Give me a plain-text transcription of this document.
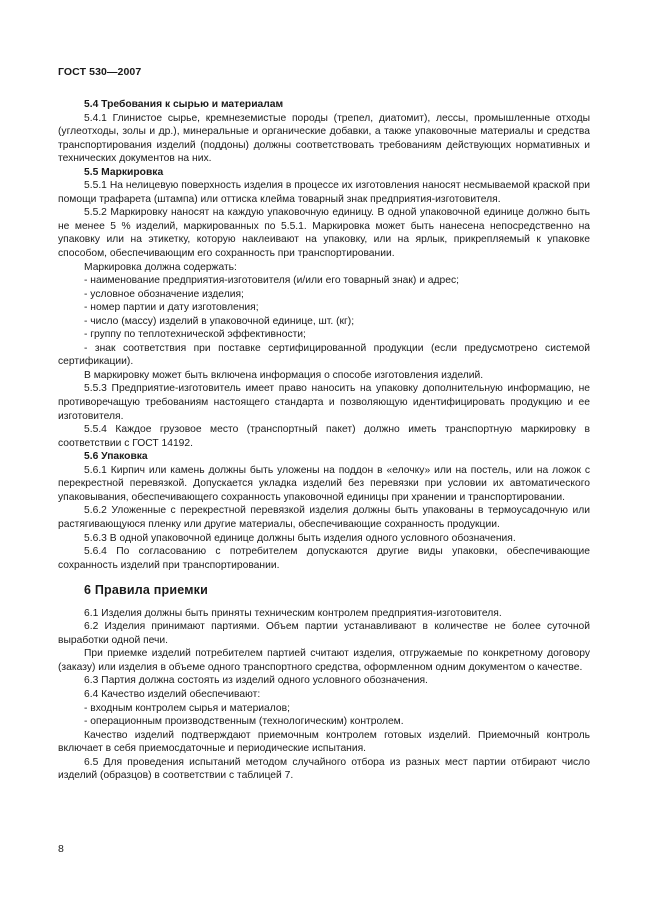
ГОСТ 530—2007

5.4 Требования к сырью и материалам

5.4.1 Глинистое сырье, кремнеземистые породы (трепел, диатомит), лессы, промышленные отходы (углеотходы, золы и др.), минеральные и органические добавки, а также упаковочные материалы и средства транспортирования изделий (поддоны) должны соответствовать требованиям действующих нормативных и технических документов на них.

5.5 Маркировка

5.5.1 На нелицевую поверхность изделия в процессе их изготовления наносят несмываемой краской при помощи трафарета (штампа) или оттиска клейма товарный знак предприятия-изготовителя.

5.5.2 Маркировку наносят на каждую упаковочную единицу. В одной упаковочной единице должно быть не менее 5 % изделий, маркированных по 5.5.1. Маркировка может быть нанесена непосредственно на упаковку или на этикетку, которую наклеивают на упаковку, или на ярлык, прикрепляемый к упаковке способом, обеспечивающим его сохранность при транспортировании.

Маркировка должна содержать:

- наименование предприятия-изготовителя (и/или его товарный знак) и адрес;

- условное обозначение изделия;

- номер партии и дату изготовления;

- число (массу) изделий в упаковочной единице, шт. (кг);

- группу по теплотехнической эффективности;

- знак соответствия при поставке сертифицированной продукции (если предусмотрено системой сертификации).

В маркировку может быть включена информация о способе изготовления изделий.

5.5.3 Предприятие-изготовитель имеет право наносить на упаковку дополнительную информацию, не противоречащую требованиям настоящего стандарта и позволяющую идентифицировать продукцию и ее изготовителя.

5.5.4 Каждое грузовое место (транспортный пакет) должно иметь транспортную маркировку в соответствии с ГОСТ 14192.

5.6 Упаковка

5.6.1 Кирпич или камень должны быть уложены на поддон в «елочку» или на постель, или на ложок с перекрестной перевязкой. Допускается укладка изделий без перевязки при условии их автоматического упаковывания, обеспечивающего сохранность упаковочной единицы при хранении и транспортировании.

5.6.2 Уложенные с перекрестной перевязкой изделия должны быть упакованы в термоусадочную или растягивающуюся пленку или другие материалы, обеспечивающие сохранность продукции.

5.6.3 В одной упаковочной единице должны быть изделия одного условного обозначения.

5.6.4 По согласованию с потребителем допускаются другие виды упаковки, обеспечивающие сохранность изделий при транспортировании.

6 Правила приемки

6.1 Изделия должны быть приняты техническим контролем предприятия-изготовителя.

6.2 Изделия принимают партиями. Объем партии устанавливают в количестве не более суточной выработки одной печи.

При приемке изделий потребителем партией считают изделия, отгружаемые по конкретному договору (заказу) или изделия в объеме одного транспортного средства, оформленном одним документом о качестве.

6.3 Партия должна состоять из изделий одного условного обозначения.

6.4 Качество изделий обеспечивают:

- входным контролем сырья и материалов;

- операционным производственным (технологическим) контролем.

Качество изделий подтверждают приемочным контролем готовых изделий. Приемочный контроль включает в себя приемосдаточные и периодические испытания.

6.5 Для проведения испытаний методом случайного отбора из разных мест партии отбирают число изделий (образцов) в соответствии с таблицей 7.

8
